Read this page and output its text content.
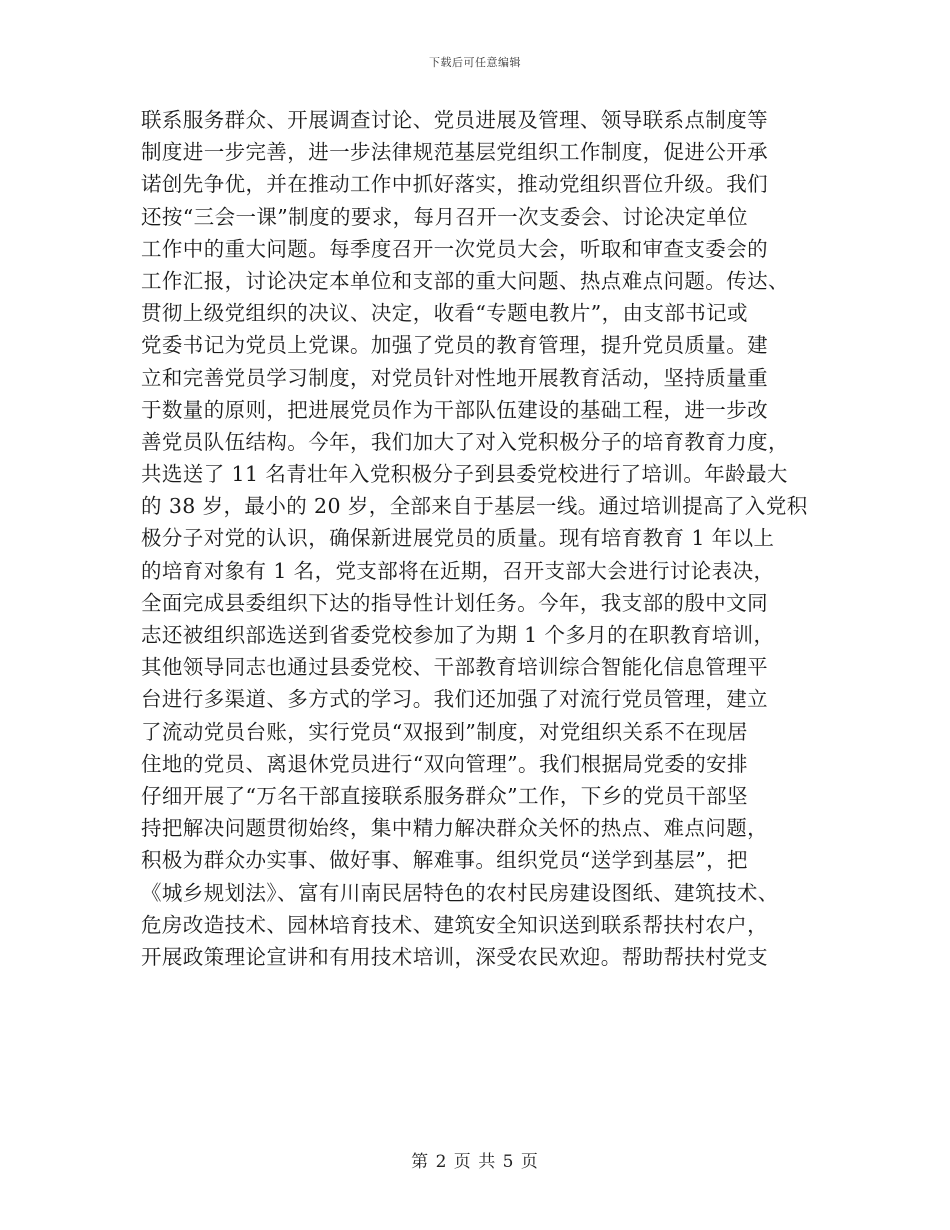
下载后可任意编辑
联系服务群众、开展调查讨论、党员进展及管理、领导联系点制度等
制度进一步完善，进一步法律规范基层党组织工作制度，促进公开承
诺创先争优，并在推动工作中抓好落实，推动党组织晋位升级。我们
还按“三会一课”制度的要求，每月召开一次支委会、讨论决定单位
工作中的重大问题。每季度召开一次党员大会，听取和审查支委会的
工作汇报，讨论决定本单位和支部的重大问题、热点难点问题。传达、
贯彻上级党组织的决议、决定，收看“专题电教片”，由支部书记或
党委书记为党员上党课。加强了党员的教育管理，提升党员质量。建
立和完善党员学习制度，对党员针对性地开展教育活动，坚持质量重
于数量的原则，把进展党员作为干部队伍建设的基础工程，进一步改
善党员队伍结构。今年，我们加大了对入党积极分子的培育教育力度，
共选送了 11 名青壮年入党积极分子到县委党校进行了培训。年龄最大
的 38 岁，最小的 20 岁，全部来自于基层一线。通过培训提高了入党积
极分子对党的认识，确保新进展党员的质量。现有培育教育 1 年以上
的培育对象有 1 名，党支部将在近期，召开支部大会进行讨论表决，
全面完成县委组织下达的指导性计划任务。今年，我支部的殷中文同
志还被组织部选送到省委党校参加了为期 1 个多月的在职教育培训，
其他领导同志也通过县委党校、干部教育培训综合智能化信息管理平
台进行多渠道、多方式的学习。我们还加强了对流行党员管理，建立
了流动党员台账，实行党员“双报到”制度，对党组织关系不在现居
住地的党员、离退休党员进行“双向管理”。我们根据局党委的安排
仔细开展了“万名干部直接联系服务群众”工作，下乡的党员干部坚
持把解决问题贯彻始终，集中精力解决群众关怀的热点、难点问题，
积极为群众办实事、做好事、解难事。组织党员“送学到基层”，把
《城乡规划法》、富有川南民居特色的农村民房建设图纸、建筑技术、
危房改造技术、园林培育技术、建筑安全知识送到联系帮扶村农户，
开展政策理论宣讲和有用技术培训，深受农民欢迎。帮助帮扶村党支
第 2 页 共 5 页
